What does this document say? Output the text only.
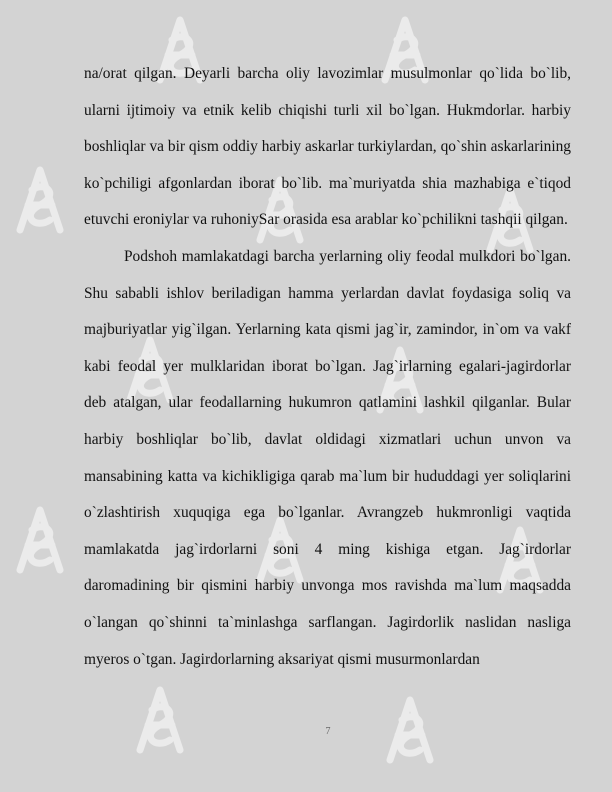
na/orat qilgan. Deyarli barcha oliy lavozimlar musulmonlar qo`lida bo`lib, ularni ijtimoiy va etnik kelib chiqishi turli xil bo`lgan. Hukmdorlar. harbiy boshliqlar va bir qism oddiy harbiy askarlar turkiylardan, qo`shin askarlarining ko`pchiligi afgonlardan iborat bo`lib. ma`muriyatda shia mazhabiga e`tiqod etuvchi eroniylar va ruhoniySar orasida esa arablar ko`pchilikni tashqii qilgan.

Podshoh mamlakatdagi barcha yerlarning oliy feodal mulkdori bo`lgan. Shu sababli ishlov beriladigan hamma yerlardan davlat foydasiga soliq va majburiyatlar yig`ilgan. Yerlarning kata qismi jag`ir, zamindor, in`om va vakf kabi feodal yer mulklaridan iborat bo`lgan. Jag`irlarning egalari-jagirdorlar deb atalgan, ular feodallarning hukumron qatlamini lashkil qilganlar. Bular harbiy boshliqlar bo`lib, davlat oldidagi xizmatlari uchun unvon va mansabining katta va kichikligiga qarab ma`lum bir hududdagi yer soliqlarini o`zlashtirish xuquqiga ega bo`lganlar. Avrangzeb hukmronligi vaqtida mamlakatda jag`irdorlarni soni 4 ming kishiga etgan. Jag`irdorlar daromadining bir qismini harbiy unvonga mos ravishda ma`lum maqsadda o`langan qo`shinni ta`minlashga sarflangan. Jagirdorlik naslidan nasliga myeros o`tgan. Jagirdorlarning aksariyat qismi musurmonlardan

7
